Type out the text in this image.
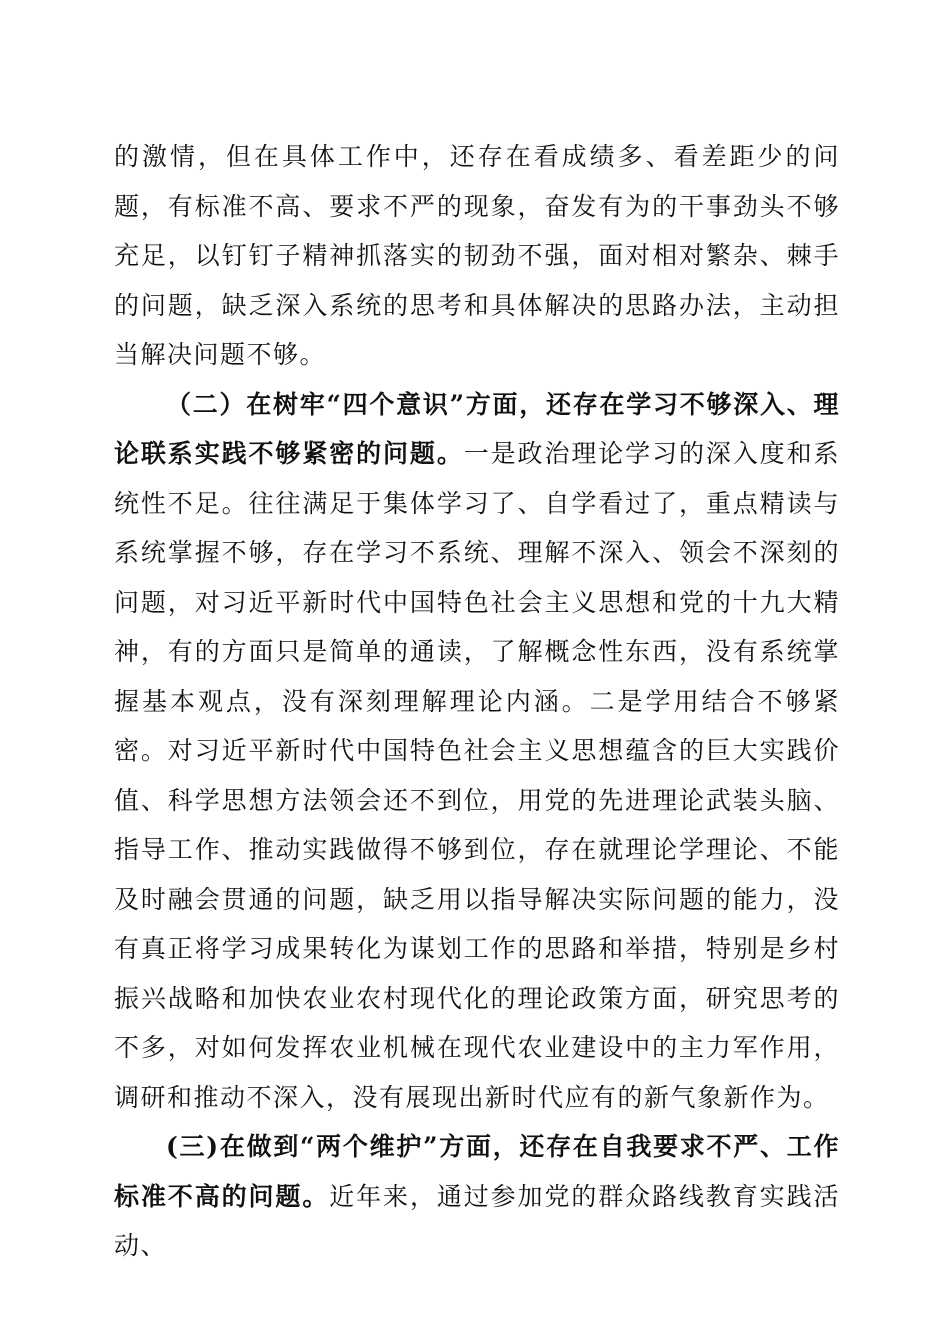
的激情，但在具体工作中，还存在看成绩多、看差距少的问题，有标准不高、要求不严的现象，奋发有为的干事劲头不够充足，以钉钉子精神抓落实的韧劲不强，面对相对繁杂、棘手的问题，缺乏深入系统的思考和具体解决的思路办法，主动担当解决问题不够。

（二）在树牢“四个意识”方面，还存在学习不够深入、理论联系实践不够紧密的问题。一是政治理论学习的深入度和系统性不足。往往满足于集体学习了、自学看过了，重点精读与系统掌握不够，存在学习不系统、理解不深入、领会不深刻的问题，对习近平新时代中国特色社会主义思想和党的十九大精神，有的方面只是简单的通读，了解概念性东西，没有系统掌握基本观点，没有深刻理解理论内涵。二是学用结合不够紧密。对习近平新时代中国特色社会主义思想蕴含的巨大实践价值、科学思想方法领会还不到位，用党的先进理论武装头脑、指导工作、推动实践做得不够到位，存在就理论学理论、不能及时融会贯通的问题，缺乏用以指导解决实际问题的能力，没有真正将学习成果转化为谋划工作的思路和举措，特别是乡村振兴战略和加快农业农村现代化的理论政策方面，研究思考的不多，对如何发挥农业机械在现代农业建设中的主力军作用，调研和推动不深入，没有展现出新时代应有的新气象新作为。

(三)在做到“两个维护”方面，还存在自我要求不严、工作标准不高的问题。近年来，通过参加党的群众路线教育实践活动、
